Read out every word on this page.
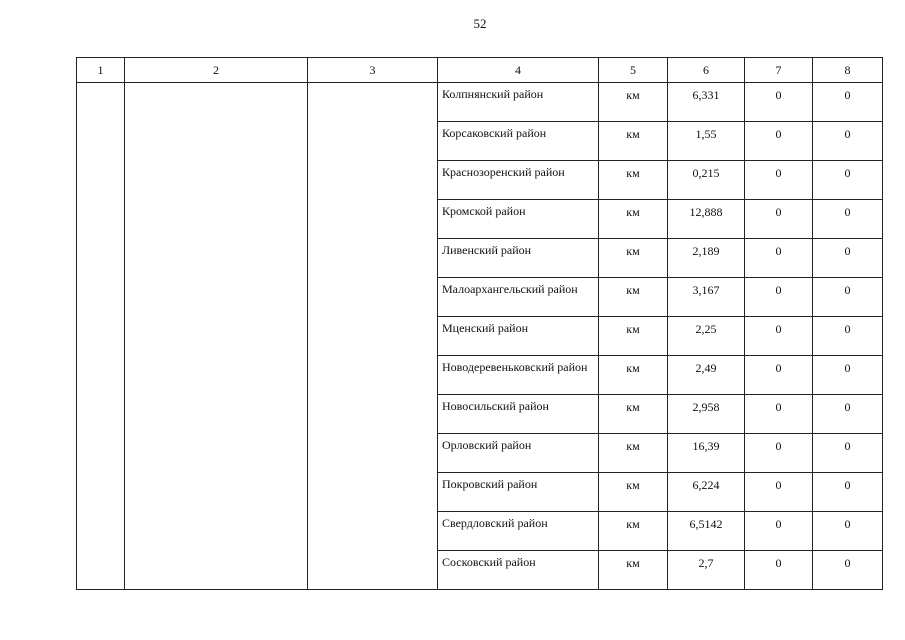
52
1	2	3	4	5	6	7	8
			Колпнянский район	км	6,331	0	0
			Корсаковский район	км	1,55	0	0
			Краснозоренский район	км	0,215	0	0
			Кромской район	км	12,888	0	0
			Ливенский район	км	2,189	0	0
			Малоархангельский район	км	3,167	0	0
			Мценский район	км	2,25	0	0
			Новодеревеньковский район	км	2,49	0	0
			Новосильский район	км	2,958	0	0
			Орловский район	км	16,39	0	0
			Покровский район	км	6,224	0	0
			Свердловский район	км	6,5142	0	0
			Сосковский район	км	2,7	0	0
